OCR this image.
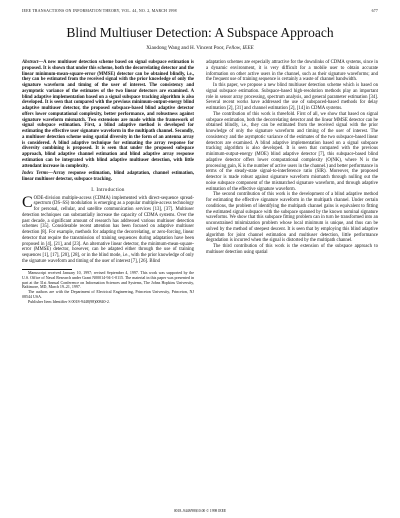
IEEE TRANSACTIONS ON INFORMATION THEORY, VOL. 44, NO. 2, MARCH 1998	677
Blind Multiuser Detection: A Subspace Approach
Xiaodong Wang and H. Vincent Poor, Fellow, IEEE
Abstract—A new multiuser detection scheme based on signal subspace estimation is proposed. It is shown that under this scheme, both the decorrelating detector and the linear minimum-mean-square-error (MMSE) detector can be obtained blindly, i.e., they can be estimated from the received signal with the prior knowledge of only the signature waveform and timing of the user of interest. The consistency and asymptotic variance of the estimates of the two linear detectors are examined. A blind adaptive implementation based on a signal subspace tracking algorithm is also developed. It is seen that compared with the previous minimum-output-energy blind adaptive multiuser detector, the proposed subspace-based blind adaptive detector offers lower computational complexity, better performance, and robustness against signature waveform mismatch. Two extensions are made within the framework of signal subspace estimation. First, a blind adaptive method is developed for estimating the effective user signature waveform in the multipath channel. Secondly, a multiuser detection scheme using spatial diversity in the form of an antenna array is considered. A blind adaptive technique for estimating the array response for diversity combining is proposed. It is seen that under the proposed subspace approach, blind adaptive channel estimation and blind adaptive array response estimation can be integrated with blind adaptive multiuser detection, with little attendant increase in complexity.
Index Terms—Array response estimation, blind adaptation, channel estimation, linear multiuser detector, subspace tracking.
I. Introduction

CODE-division multiple-access (CDMA) implemented with direct-sequence spread-spectrum (DS–SS) modulation is emerging as a popular multiple-access technology for personal, cellular, and satellite communication services [13], [37]. Multiuser detection techniques can substantially increase the capacity of CDMA systems. Over the past decade, a significant amount of research has addressed various multiuser detection schemes [35]. Considerable recent attention has been focused on adaptive multiuser detection [8]. For example, methods for adapting the decorrelating, or zero-forcing, linear detector that require the transmission of training sequences during adaptation have been proposed in [4], [21], and [23]. An alternative linear detector, the minimum-mean-square-error (MMSE) detector, however, can be adapted either through the use of training sequences [1], [17], [20], [28], or in the blind mode, i.e., with the prior knowledge of only the signature waveform and timing of the user of interest [7], [26]. Blind

Manuscript received January 10, 1997; revised September 4, 1997. This work was supported by the U.S. Office of Naval Research under Grant N00014-94-1-0115. The material in this paper was presented in part at the 31st Annual Conference on Information Sciences and Systems, The Johns Hopkins University, Baltimore, MD, March 19–21, 1997.

The authors are with the Department of Electrical Engineering, Princeton University, Princeton, NJ 08544 USA.

Publisher Item Identifier S 0018-9448(98)00840-2.

adaptation schemes are especially attractive for the downlinks of CDMA systems, since in a dynamic environment, it is very difficult for a mobile user to obtain accurate information on other active users in the channel, such as their signature waveforms; and the frequent use of training sequence is certainly a waste of channel bandwidth.

In this paper, we propose a new blind multiuser detection scheme which is based on signal subspace estimation. Subspace-based high-resolution methods play an important role in sensor array processing, spectrum analysis, and general parameter estimation [34]. Several recent works have addressed the use of subspaced-based methods for delay estimation [2], [31] and channel estimation [2], [14] in CDMA systems.

The contribution of this work is threefold. First of all, we show that based on signal subspace estimation, both the decorrelating detector and the linear MMSE detector can be obtained blindly, i.e., they can be estimated from the received signal with the prior knowledge of only the signature waveform and timing of the user of interest. The consistency and the asymptotic variance of the estimates of the two subspace-based linear detectors are examined. A blind adaptive implementation based on a signal subspace tracking algorithm is also developed. It is seen that compared with the previous minimum-output-energy (MOE) blind adaptive detector [7], this subspace-based blind adaptive detector offers lower computational complexity (O(NK), where N is the processing gain, K is the number of active users in the channel.) and better performance in terms of the steady-state signal-to-interference ratio (SIR). Moreover, the proposed detector is made robust against signature waveform mismatch through nulling out the noise subspace component of the mismatched signature waveform, and through adaptive estimation of the effective signature waveform.

The second contribution of this work is the development of a blind adaptive method for estimating the effective signature waveform in the multipath channel. Under certain conditions, the problem of identifying the multipath channel gains is equivalent to fitting the estimated signal subspace with the subspace spanned by the known nominal signature waveforms. We show that this subspace fitting problem can in turn be transformed into an unconstrained minimization problem whose local minimum is unique, and thus can be solved by the method of steepest descent. It is seen that by employing this blind adaptive algorithm for joint channel estimation and multiuser detection, little performance degradation is incurred when the signal is distorted by the multipath channel.

The third contribution of this work is the extension of the subspace approach to multiuser detection using spatial

0018–9448/98$10.00 © 1998 IEEE
